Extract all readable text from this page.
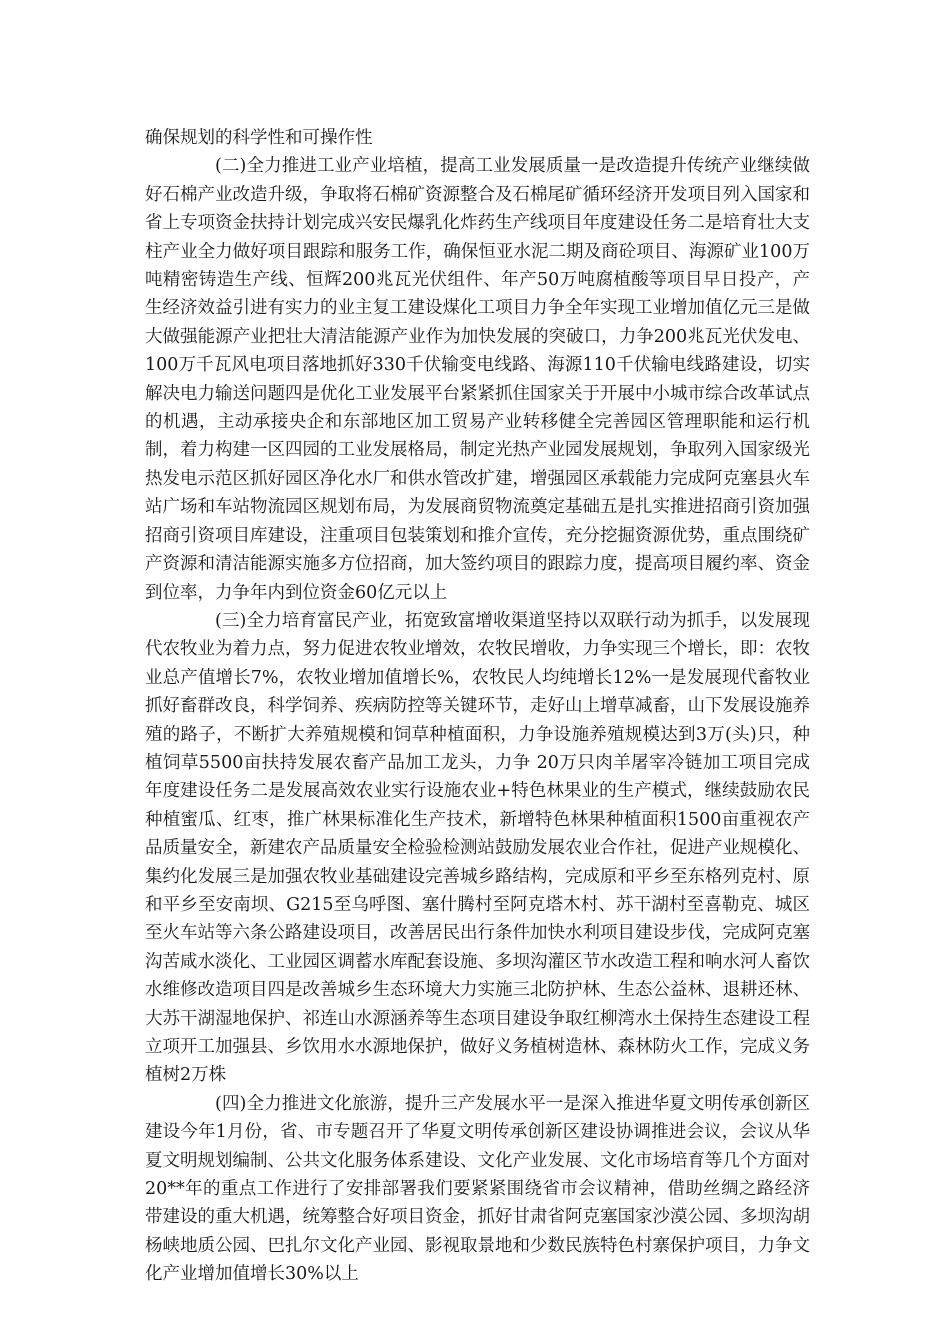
确保规划的科学性和可操作性

(二)全力推进工业产业培植，提高工业发展质量一是改造提升传统产业继续做好石棉产业改造升级，争取将石棉矿资源整合及石棉尾矿循环经济开发项目列入国家和省上专项资金扶持计划完成兴安民爆乳化炸药生产线项目年度建设任务二是培育壮大支柱产业全力做好项目跟踪和服务工作，确保恒亚水泥二期及商砼项目、海源矿业100万吨精密铸造生产线、恒辉200兆瓦光伏组件、年产50万吨腐植酸等项目早日投产，产生经济效益引进有实力的业主复工建设煤化工项目力争全年实现工业增加值亿元三是做大做强能源产业把壮大清洁能源产业作为加快发展的突破口，力争200兆瓦光伏发电、100万千瓦风电项目落地抓好330千伏输变电线路、海源110千伏输电线路建设，切实解决电力输送问题四是优化工业发展平台紧紧抓住国家关于开展中小城市综合改革试点的机遇，主动承接央企和东部地区加工贸易产业转移健全完善园区管理职能和运行机制，着力构建一区四园的工业发展格局，制定光热产业园发展规划，争取列入国家级光热发电示范区抓好园区净化水厂和供水管改扩建，增强园区承载能力完成阿克塞县火车站广场和车站物流园区规划布局，为发展商贸物流奠定基础五是扎实推进招商引资加强招商引资项目库建设，注重项目包装策划和推介宣传，充分挖掘资源优势，重点围绕矿产资源和清洁能源实施多方位招商，加大签约项目的跟踪力度，提高项目履约率、资金到位率，力争年内到位资金60亿元以上

(三)全力培育富民产业，拓宽致富增收渠道坚持以双联行动为抓手，以发展现代农牧业为着力点，努力促进农牧业增效，农牧民增收，力争实现三个增长，即：农牧业总产值增长7%，农牧业增加值增长%，农牧民人均纯增长12%一是发展现代畜牧业抓好畜群改良，科学饲养、疾病防控等关键环节，走好山上增草减畜，山下发展设施养殖的路子，不断扩大养殖规模和饲草种植面积，力争设施养殖规模达到3万(头)只，种植饲草5500亩扶持发展农畜产品加工龙头，力争 20万只肉羊屠宰冷链加工项目完成年度建设任务二是发展高效农业实行设施农业+特色林果业的生产模式，继续鼓励农民种植蜜瓜、红枣，推广林果标准化生产技术，新增特色林果种植面积1500亩重视农产品质量安全，新建农产品质量安全检验检测站鼓励发展农业合作社，促进产业规模化、集约化发展三是加强农牧业基础建设完善城乡路结构，完成原和平乡至东格列克村、原和平乡至安南坝、G215至乌呼图、塞什腾村至阿克塔木村、苏干湖村至喜勒克、城区至火车站等六条公路建设项目，改善居民出行条件加快水利项目建设步伐，完成阿克塞沟苦咸水淡化、工业园区调蓄水库配套设施、多坝沟灌区节水改造工程和响水河人畜饮水维修改造项目四是改善城乡生态环境大力实施三北防护林、生态公益林、退耕还林、大苏干湖湿地保护、祁连山水源涵养等生态项目建设争取红柳湾水土保持生态建设工程立项开工加强县、乡饮用水水源地保护，做好义务植树造林、森林防火工作，完成义务植树2万株

(四)全力推进文化旅游，提升三产发展水平一是深入推进华夏文明传承创新区建设今年1月份，省、市专题召开了华夏文明传承创新区建设协调推进会议，会议从华夏文明规划编制、公共文化服务体系建设、文化产业发展、文化市场培育等几个方面对20**年的重点工作进行了安排部署我们要紧紧围绕省市会议精神，借助丝绸之路经济带建设的重大机遇，统筹整合好项目资金，抓好甘肃省阿克塞国家沙漠公园、多坝沟胡杨峡地质公园、巴扎尔文化产业园、影视取景地和少数民族特色村寨保护项目，力争文化产业增加值增长30%以上
